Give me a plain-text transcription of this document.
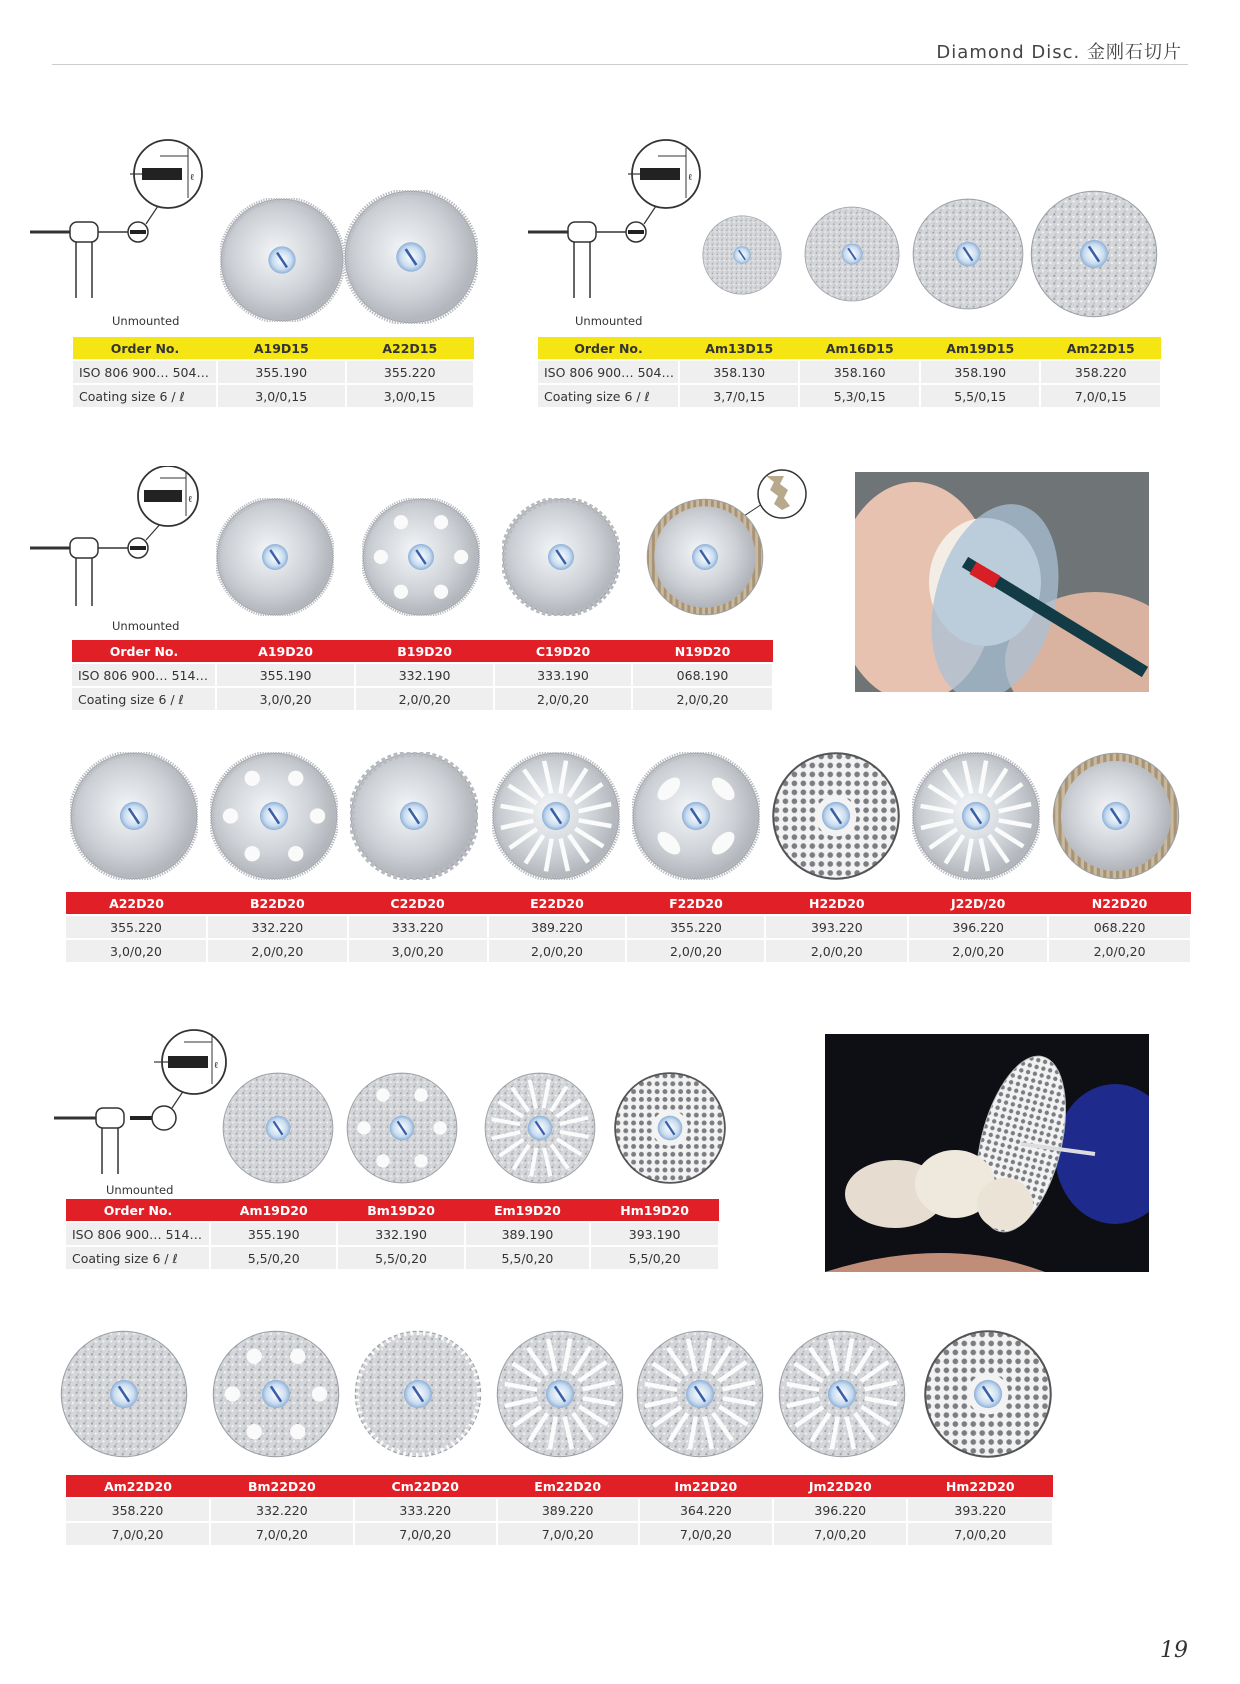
Diamond Disc. 金刚石切片
ℓ
Unmounted
Order No.	A19D15	A22D15
ISO 806 900… 504…	355.190	355.220
Coating size 6 / ℓ	3,0/0,15	3,0/0,15
ℓ
Unmounted
Order No.	Am13D15	Am16D15	Am19D15	Am22D15
ISO 806 900… 504…	358.130	358.160	358.190	358.220
Coating size 6 / ℓ	3,7/0,15	5,3/0,15	5,5/0,15	7,0/0,15
ℓ
Unmounted
Order No.	A19D20	B19D20	C19D20	N19D20
ISO 806 900… 514…	355.190	332.190	333.190	068.190
Coating size 6 / ℓ	3,0/0,20	2,0/0,20	2,0/0,20	2,0/0,20
A22D20	B22D20	C22D20	E22D20	F22D20	H22D20	J22D/20	N22D20
355.220	332.220	333.220	389.220	355.220	393.220	396.220	068.220
3,0/0,20	2,0/0,20	3,0/0,20	2,0/0,20	2,0/0,20	2,0/0,20	2,0/0,20	2,0/0,20
ℓ
Unmounted
Order No.	Am19D20	Bm19D20	Em19D20	Hm19D20
ISO 806 900… 514…	355.190	332.190	389.190	393.190
Coating size 6 / ℓ	5,5/0,20	5,5/0,20	5,5/0,20	5,5/0,20
Am22D20	Bm22D20	Cm22D20	Em22D20	Im22D20	Jm22D20	Hm22D20
358.220	332.220	333.220	389.220	364.220	396.220	393.220
7,0/0,20	7,0/0,20	7,0/0,20	7,0/0,20	7,0/0,20	7,0/0,20	7,0/0,20
19
